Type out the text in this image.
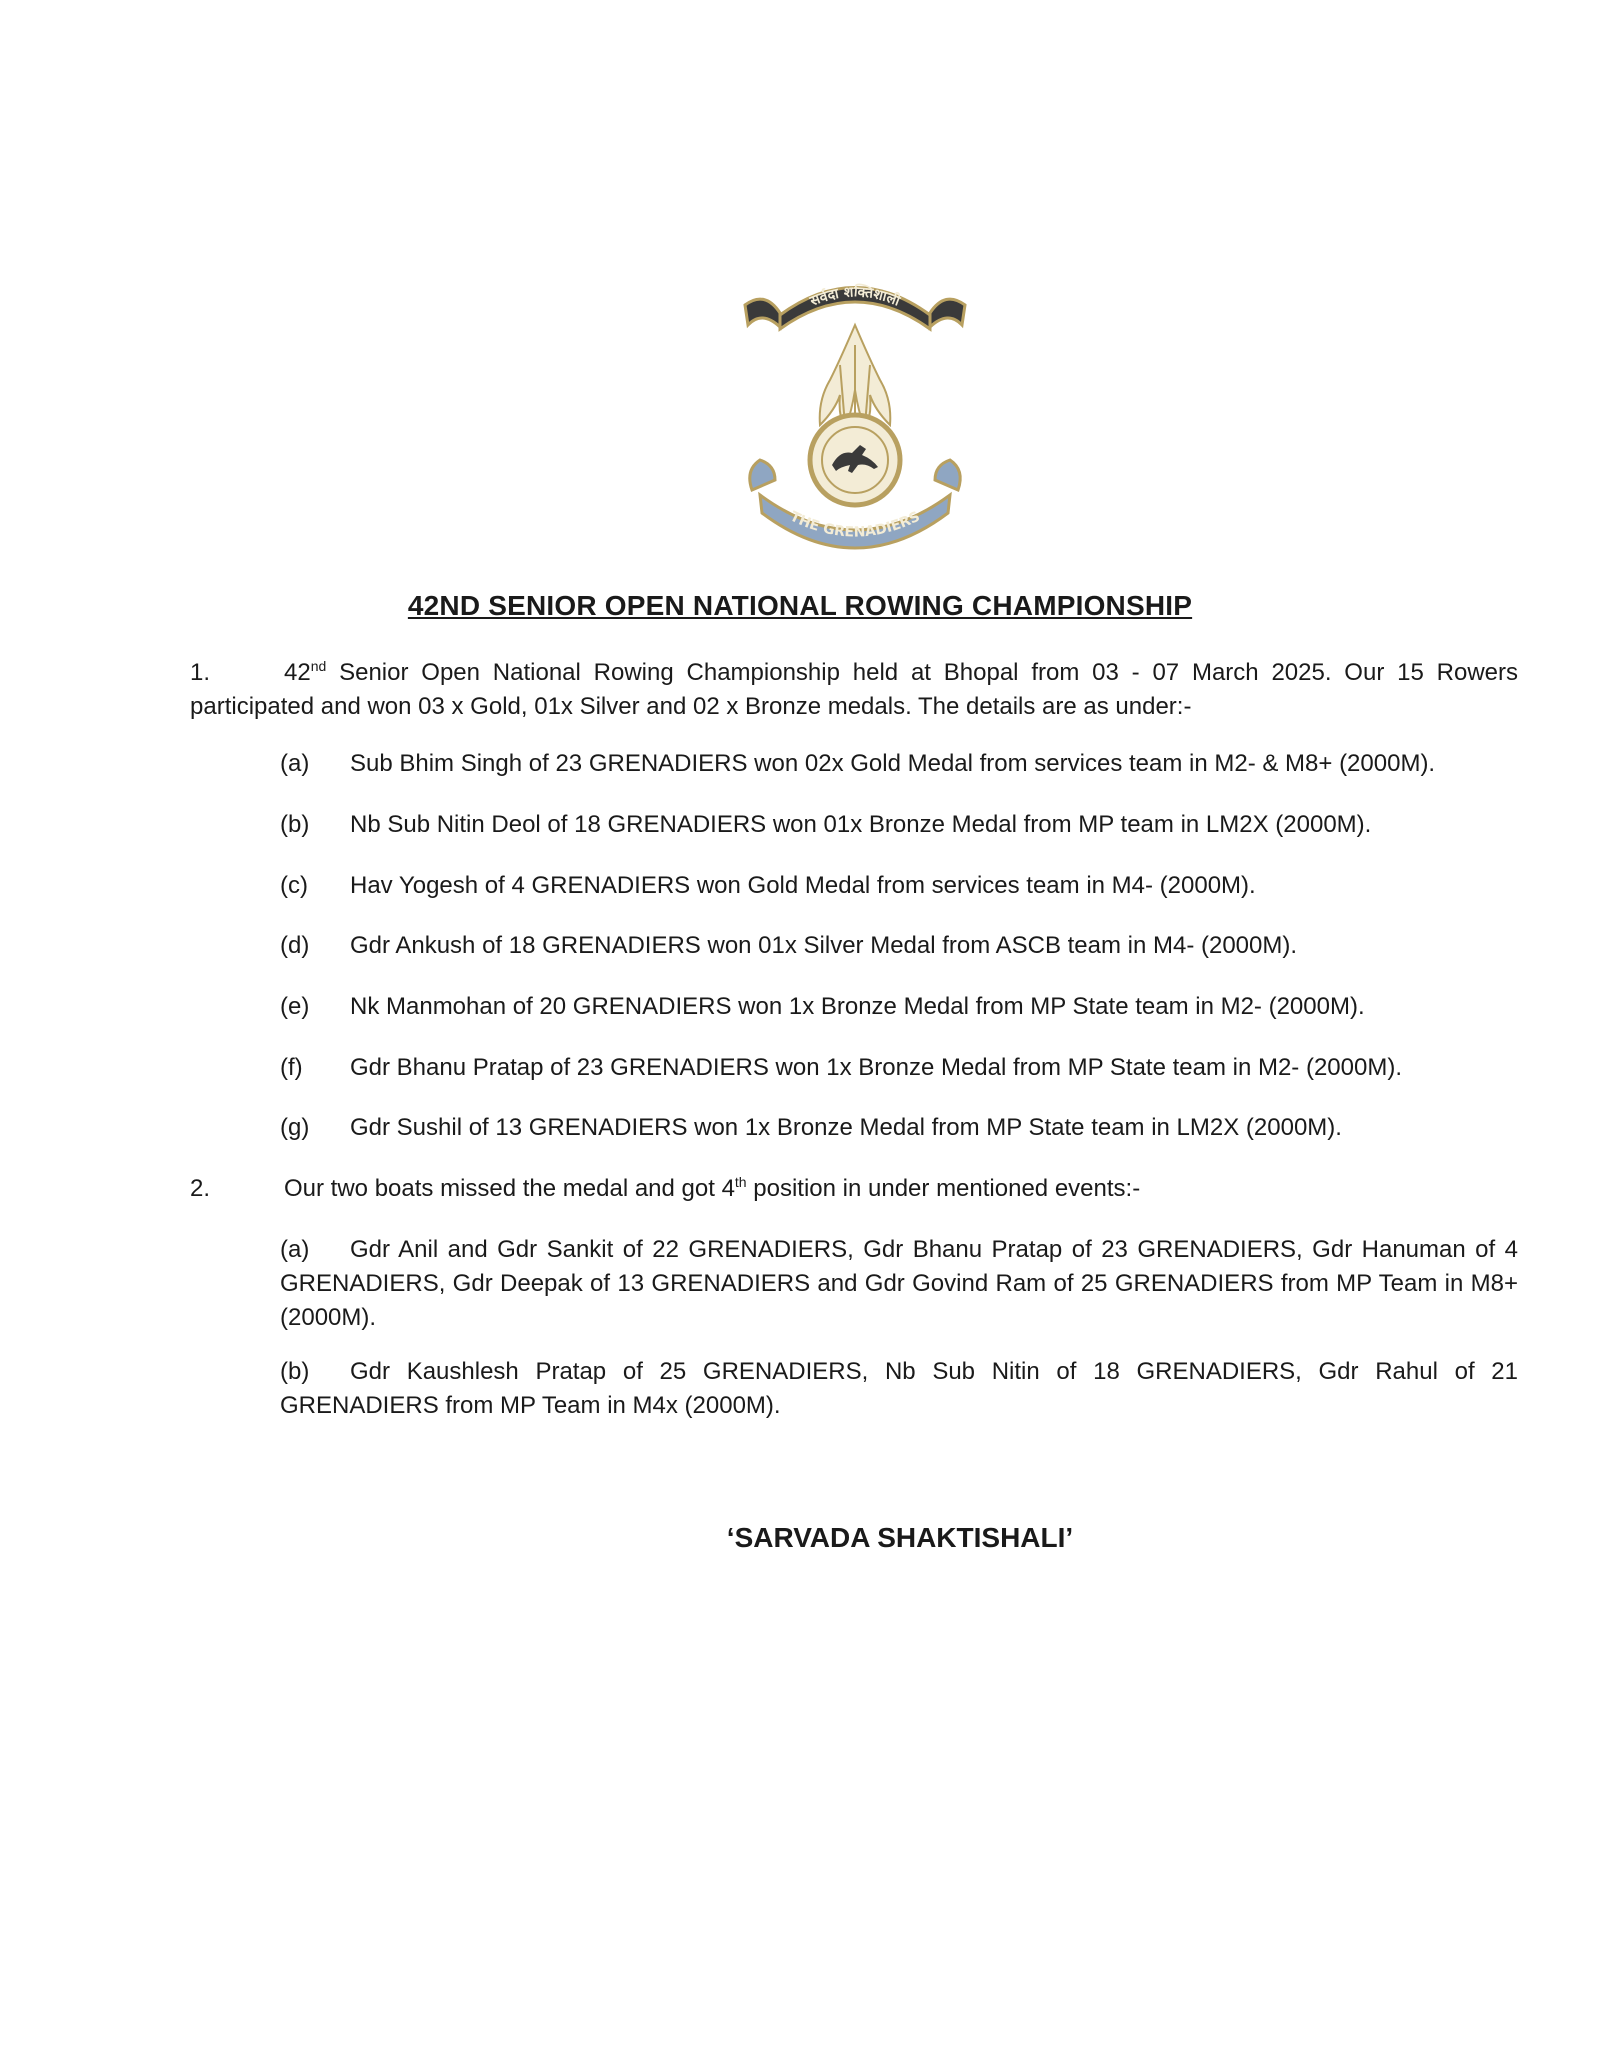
सर्वदा शक्तिशाली
THE GRENADIERS
42ND SENIOR OPEN NATIONAL ROWING CHAMPIONSHIP
1.	42nd Senior Open National Rowing Championship held at Bhopal from 03 - 07 March 2025. Our 15 Rowers participated and won 03 x Gold, 01x Silver and 02 x Bronze medals. The details are as under:-
(a) Sub Bhim Singh of 23 GRENADIERS won 02x Gold Medal from services team in M2- & M8+ (2000M).
(b) Nb Sub Nitin Deol of 18 GRENADIERS won 01x Bronze Medal from MP team in LM2X (2000M).
(c) Hav Yogesh of 4 GRENADIERS won Gold Medal from services team in M4- (2000M).
(d) Gdr Ankush of 18 GRENADIERS won 01x Silver Medal from ASCB team in M4- (2000M).
(e) Nk Manmohan of 20 GRENADIERS won 1x Bronze Medal from MP State team in M2- (2000M).
(f) Gdr Bhanu Pratap of 23 GRENADIERS won 1x Bronze Medal from MP State team in M2- (2000M).
(g) Gdr Sushil of 13 GRENADIERS won 1x Bronze Medal from MP State team in LM2X (2000M).
2.	Our two boats missed the medal and got 4th position in under mentioned events:-
(a) Gdr Anil and Gdr Sankit of 22 GRENADIERS, Gdr Bhanu Pratap of 23 GRENADIERS, Gdr Hanuman of 4 GRENADIERS, Gdr Deepak of 13 GRENADIERS and Gdr Govind Ram of 25 GRENADIERS from MP Team in M8+(2000M).
(b) Gdr Kaushlesh Pratap of 25 GRENADIERS, Nb Sub Nitin of 18 GRENADIERS, Gdr Rahul of 21 GRENADIERS from MP Team in M4x (2000M).
‘SARVADA SHAKTISHALI’
